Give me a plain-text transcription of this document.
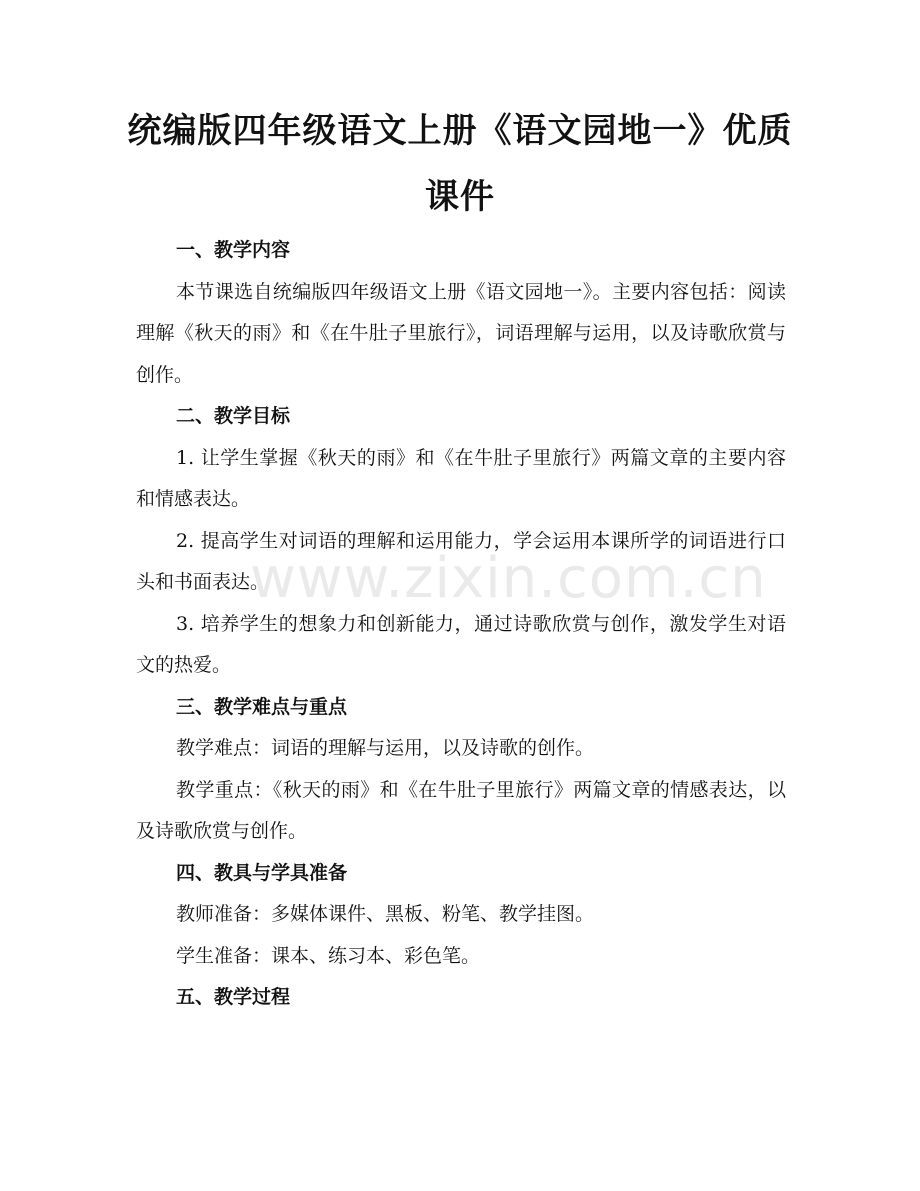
统编版四年级语文上册《语文园地一》优质
课件

一、教学内容

本节课选自统编版四年级语文上册《语文园地一》。主要内容包括：阅读理解《秋天的雨》和《在牛肚子里旅行》，词语理解与运用，以及诗歌欣赏与创作。

二、教学目标

1. 让学生掌握《秋天的雨》和《在牛肚子里旅行》两篇文章的主要内容和情感表达。

2. 提高学生对词语的理解和运用能力，学会运用本课所学的词语进行口头和书面表达。

3. 培养学生的想象力和创新能力，通过诗歌欣赏与创作，激发学生对语文的热爱。

三、教学难点与重点

教学难点：词语的理解与运用，以及诗歌的创作。

教学重点：《秋天的雨》和《在牛肚子里旅行》两篇文章的情感表达，以及诗歌欣赏与创作。

四、教具与学具准备

教师准备：多媒体课件、黑板、粉笔、教学挂图。

学生准备：课本、练习本、彩色笔。

五、教学过程

www.zixin.com.cn
